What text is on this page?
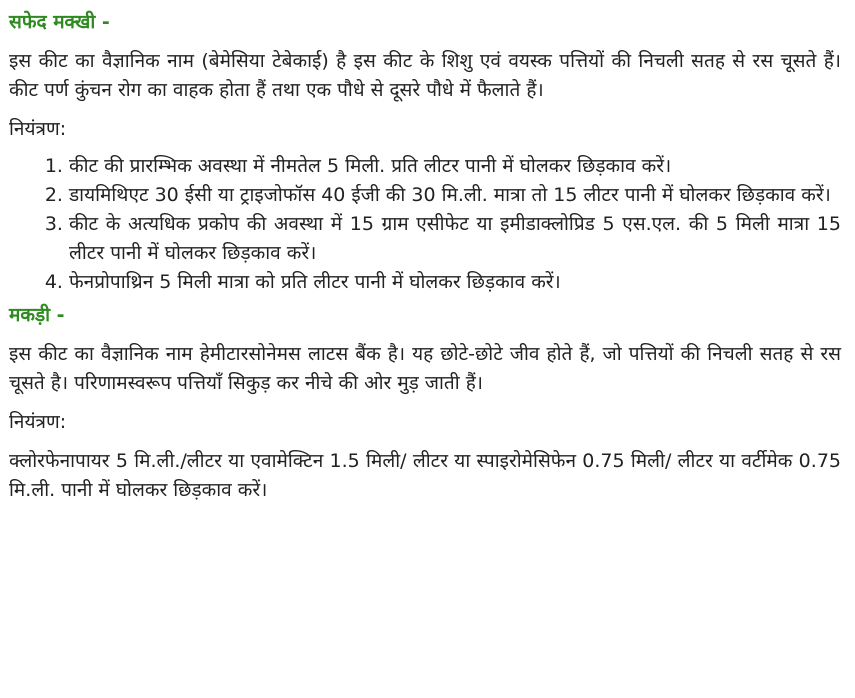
सफेद मक्खी -

इस कीट का वैज्ञानिक नाम (बेमेसिया टेबेकाई) है इस कीट के शिशु एवं वयस्क पत्तियों की निचली सतह से रस चूसते हैं। कीट पर्ण कुंचन रोग का वाहक होता हैं तथा एक पौधे से दूसरे पौधे में फैलाते हैं।

नियंत्रण:

1. कीट की प्रारम्भिक अवस्था में नीमतेल 5 मिली. प्रति लीटर पानी में घोलकर छिड़काव करें।
2. डायमिथिएट 30 ईसी या ट्राइजोफॉस 40 ईजी की 30 मि.ली. मात्रा तो 15 लीटर पानी में घोलकर छिड़काव करें।
3. कीट के अत्यधिक प्रकोप की अवस्था में 15 ग्राम एसीफेट या इमीडाक्लोप्रिड 5 एस.एल. की 5 मिली मात्रा 15 लीटर पानी में घोलकर छिड़काव करें।
4. फेनप्रोपाथ्रिन 5 मिली मात्रा को प्रति लीटर पानी में घोलकर छिड़काव करें।
मकड़ी -

इस कीट का वैज्ञानिक नाम हेमीटारसोनेमस लाटस बैंक है। यह छोटे-छोटे जीव होते हैं, जो पत्तियों की निचली सतह से रस चूसते है। परिणामस्वरूप पत्तियाँ सिकुड़ कर नीचे की ओर मुड़ जाती हैं।

नियंत्रण:

क्लोरफेनापायर 5 मि.ली./लीटर या एवामेक्टिन 1.5 मिली/ लीटर या स्पाइरोमेसिफेन 0.75 मिली/ लीटर या वर्टीमेक 0.75 मि.ली. पानी में घोलकर छिड़काव करें।
